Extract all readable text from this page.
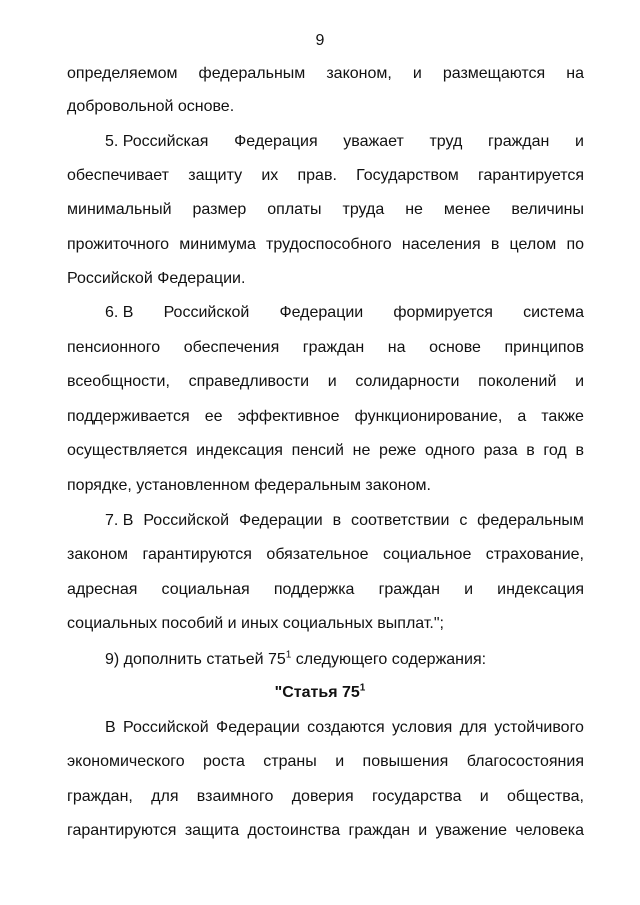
9
определяемом федеральным законом, и размещаются на
добровольной основе.
5. Российская Федерация уважает труд граждан и
обеспечивает защиту их прав. Государством гарантируется
минимальный размер оплаты труда не менее величины
прожиточного минимума трудоспособного населения в целом по
Российской Федерации.
6. В Российской Федерации формируется система
пенсионного обеспечения граждан на основе принципов
всеобщности, справедливости и солидарности поколений и
поддерживается ее эффективное функционирование, а также
осуществляется индексация пенсий не реже одного раза в год в
порядке, установленном федеральным законом.
7. В Российской Федерации в соответствии с федеральным
законом гарантируются обязательное социальное страхование,
адресная социальная поддержка граждан и индексация
социальных пособий и иных социальных выплат.";
9) дополнить статьей $75^1$ следующего содержания:
"Статья $75^1$
В Российской Федерации создаются условия для устойчивого
экономического роста страны и повышения благосостояния
граждан, для взаимного доверия государства и общества,
гарантируются защита достоинства граждан и уважение человека
